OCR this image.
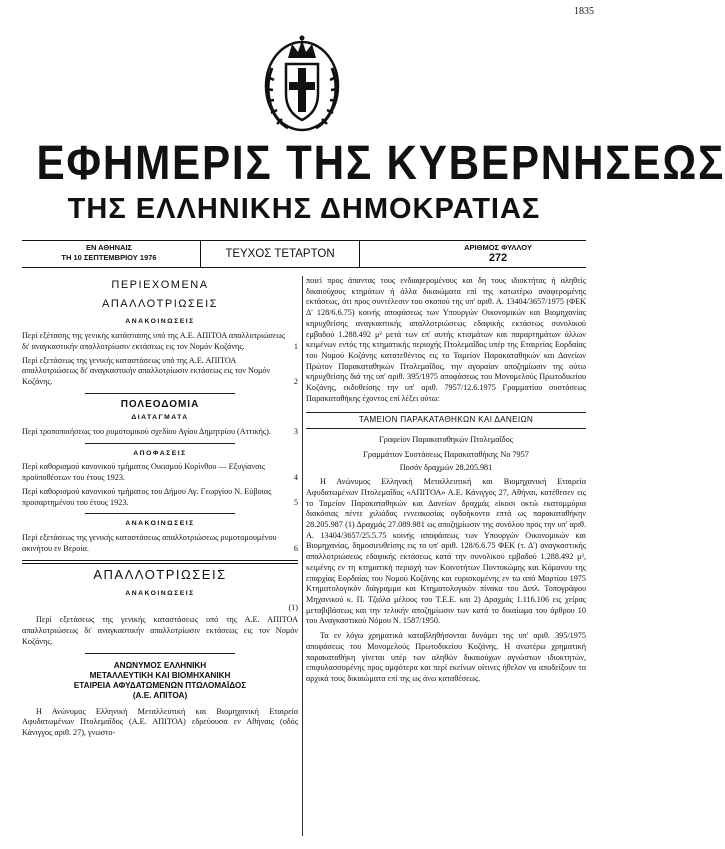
1835
ΕΦΗΜΕΡΙΣ ΤΗΣ ΚΥΒΕΡΝΗΣΕΩΣ
ΤΗΣ ΕΛΛΗΝΙΚΗΣ ΔΗΜΟΚΡΑΤΙΑΣ
ΕΝ ΑΘΗΝΑΙΣ
ΤΗ 10 ΣΕΠΤΕΜΒΡΙΟΥ 1976	ΤΕΥΧΟΣ ΤΕΤΑΡΤΟΝ
ΑΡΙΘΜΟΣ ΦΥΛΛΟΥ
272
ΠΕΡΙΕΧΟΜΕΝΑ
ΑΠΑΛΛΟΤΡΙΩΣΕΙΣ
ΑΝΑΚΟΙΝΩΣΕΙΣ
Περί εξέτασης της γενικής κατάστασης υπό της Α.Ε. ΑΠΙΤΟΑ απαλλοτριώσεως δι' αναγκαστικήν απαλλοτρίωσιν εκτάσεως εις τον Νομόν Κοζάνης.	1
Περί εξετάσεως της γενικής καταστάσεως υπό της Α.Ε. ΑΠΙΤΟΑ απαλλοτριώσεως δι' αναγκαστικήν απαλλοτρίωσιν εκτάσεως εις τον Νομόν Κοζάνης.	2
ΠΟΛΕΟΔΟΜΙΑ
ΔΙΑΤΑΓΜΑΤΑ
Περί τροποποιήσεως του ρυμοτομικού σχεδίου Αγίου Δημητρίου (Αττικής).	3
ΑΠΟΦΑΣΕΙΣ
Περί καθορισμού κανονικού τμήματος Οικισμού Κορίνθου — Εξυγίανσις προϋποθέσεων του έτους 1923.	4
Περί καθορισμού κανονικού τμήματος του Δήμου Αγ. Γεωργίου Ν. Εύβοιας προσαρτημένου του έτους 1923.	5
ΑΝΑΚΟΙΝΩΣΕΙΣ
Περί εξετάσεως της γενικής καταστάσεως απαλλοτριώσεως ρυμοτομουμένου ακινήτου εν Βεροία.	6
ΑΠΑΛΛΟΤΡΙΩΣΕΙΣ
ΑΝΑΚΟΙΝΩΣΕΙΣ
(1)

Περί εξετάσεως της γενικής καταστάσεως υπό της Α.Ε. ΑΠΙΤΟΑ απαλλοτριώσεως δι' αναγκαστικήν απαλλοτρίωσιν εκτάσεως εις τον Νομόν Κοζάνης.

ΑΝΩΝΥΜΟΣ ΕΛΛΗΝΙΚΗ
ΜΕΤΑΛΛΕΥΤΙΚΗ ΚΑΙ ΒΙΟΜΗΧΑΝΙΚΗ
ΕΤΑΙΡΕΙΑ ΑΦΥΔΑΤΩΜΕΝΩΝ ΠΤΩΛΟΜΑΪΔΟΣ
(Α.Ε. ΑΠΙΤΟΑ)

Η Ανώνυμος Ελληνική Μεταλλευτική και Βιομηχανική Εταιρεία Αφυδατωμένων Πτολεμαΐδος (Α.Ε. ΑΠΙΤΟΑ) εδρεύουσα εν Αθήναις (οδός Κάνιγγος αριθ. 27), γνωστο-

ποιεί προς άπαντας τους ενδιαφερομένους και δη τους ιδιοκτήτας ή αληθείς δικαιούχους κτημάτων ή άλλα δικαιώματα επί της κατωτέρω αναφερομένης εκτάσεως, ότι προς συντέλεσιν του σκοπού της υπ' αριθ. Α. 13404/3657/1975 (ΦΕΚ Δ' 128/6.6.75) κοινής αποφάσεως των Υπουργών Οικονομικών και Βιομηχανίας κηρυχθείσης αναγκαστικής απαλλοτριώσεως εδαφικής εκτάσεως συνολικού εμβαδού 1.288.492 μ² μετά των επ' αυτής κτισμάτων και παραρτημάτων άλλων κειμένων εντός της κτηματικής περιοχής Πτολεμαΐδος υπέρ της Εταιρείας Εορδαίας του Νομού Κοζάνης κατατεθέντος εις το Ταμείον Παρακαταθηκών και Δανείων Πρώτον Παρακαταθηκών Πτολεμαΐδος, την αγοραίαν αποζημίωσιν της ούτω κηρυχθείσης διά της υπ' αριθ. 395/1975 αποφάσεως του Μονομελούς Πρωτοδικείου Κοζάνης, εκδοθείσης την υπ' αριθ. 7957/12.6.1975 Γραμματίου συστάσεως Παρακαταθήκης έχοντος επί λέξει ούτω:

ΤΑΜΕΙΟΝ ΠΑΡΑΚΑΤΑΘΗΚΩΝ ΚΑΙ ΔΑΝΕΙΩΝ
Γραφείον Παρακαταθηκών Πτολεμαΐδος
Γραμμάτιον Συστάσεως Παρακαταθήκης Νο 7957
Ποσόν δραχμών 28.205.981

Η Ανώνυμος Ελληνική Μεταλλευτική και Βιομηχανική Εταιρεία Αφυδατωμένων Πτολεμαΐδος «ΑΠΙΤΟΑ» Α.Ε. Κάνιγγος 27, Αθήναι, κατέθεσεν εις το Ταμείον Παρακαταθηκών και Δανείων δραχμάς είκοσι οκτώ εκατομμύρια διακόσιας πέντε χιλιάδας εννεακοσίας ογδοήκοντα επτά ως παρακαταθήκην 28.205.987 (1) Δραχμάς 27.089.981 ως αποζημίωσιν της συνόλου προς την υπ' αριθ. Α. 13404/3657/25.5.75 κοινής αποφάσεως των Υπουργών Οικονομικών και Βιομηχανίας, δημοσιευθείσης εις το υπ' αριθ. 128/6.6.75 ΦΕΚ (τ. Δ') αναγκαστικής απαλλοτριώσεως εδαφικής εκτάσεως κατά την συνολικού εμβαδού 1.288.492 μ², κειμένης εν τη κτηματική περιοχή των Κοινοτήτων Ποντοκώμης και Κόμανου της επαρχίας Εορδαίας του Νομού Κοζάνης και ευρισκομένης εν τω από Μαρτίου 1975 Κτηματολογικόν διάγραμμα και Κτηματολογικόν πίνακα του Διπλ. Τοπογράφου Μηχανικού κ. Π. Τζιόλα μέλους του Τ.Ε.Ε. και 2) Δραχμάς 1.116.106 εις χείρας μεταβιβάσεως και την τελικήν αποζημίωσιν των κατά το δικαίωμα του άρθρου 10 του Αναγκαστικού Νόμου Ν. 1587/1950.

Τα εν λόγω χρηματικά καταβληθήσονται δυνάμει της υπ' αριθ. 395/1975 αποφάσεως του Μονομελούς Πρωτοδικείου Κοζάνης. Η ανωτέρω χρηματική παρακαταθήκη γίνεται υπέρ των αληθών δικαιούχων αγνώστων ιδιοκτητών, επιφυλασσομένης προς αμφότερα και περί εκείνων οίτινες ήθελον να αποδείξουν τα αρχικά τους δικαιώματα επί της ως άνω καταθέσεως.
